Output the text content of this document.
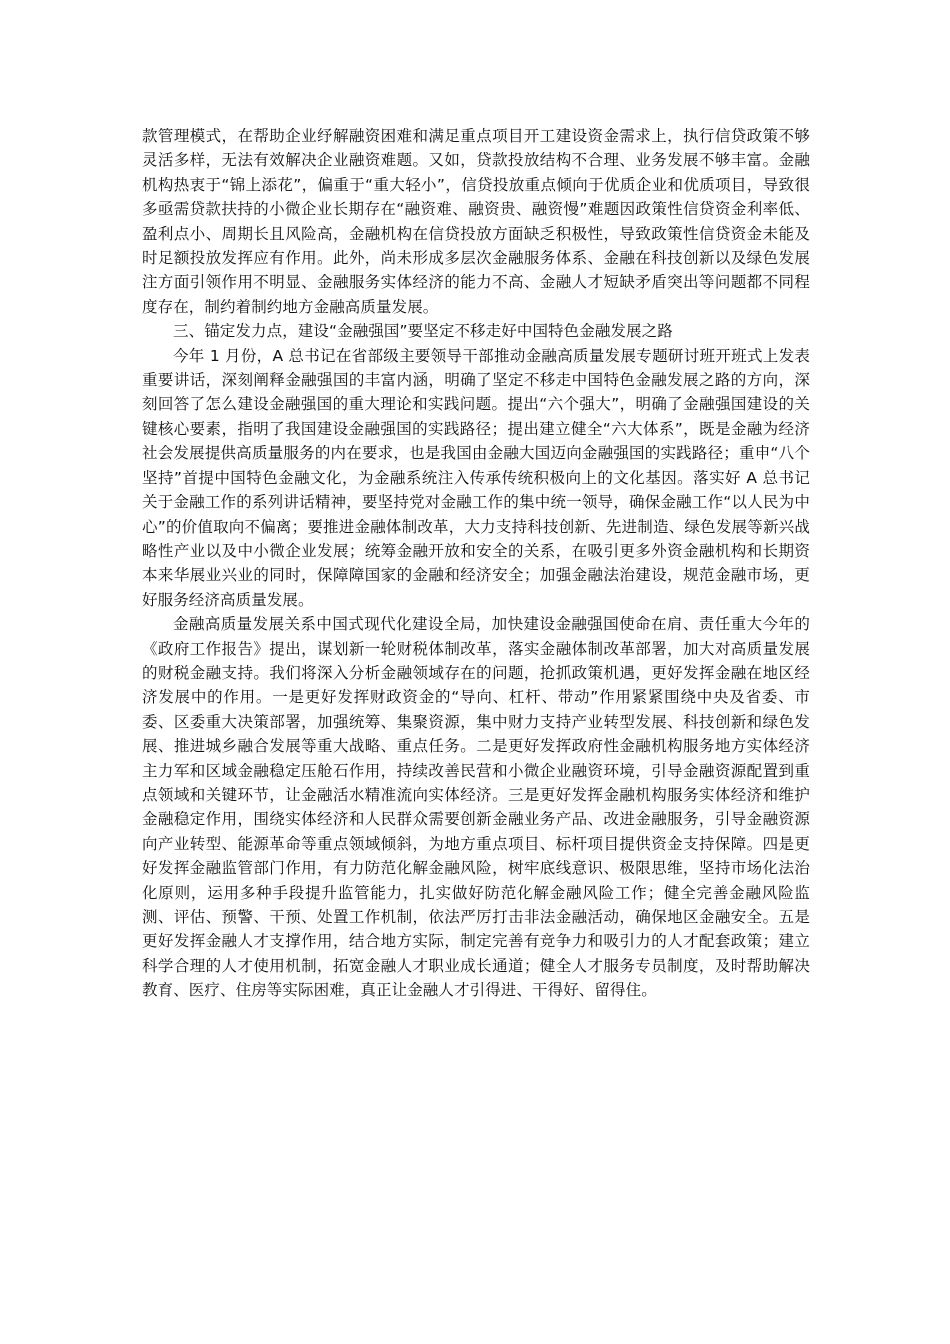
款管理模式，在帮助企业纾解融资困难和满足重点项目开工建设资金需求上，执行信贷政策不够灵活多样，无法有效解决企业融资难题。又如，贷款投放结构不合理、业务发展不够丰富。金融机构热衷于“锦上添花”，偏重于“重大轻小”，信贷投放重点倾向于优质企业和优质项目，导致很多亟需贷款扶持的小微企业长期存在“融资难、融资贵、融资慢”难题因政策性信贷资金利率低、盈利点小、周期长且风险高，金融机构在信贷投放方面缺乏积极性，导致政策性信贷资金未能及时足额投放发挥应有作用。此外，尚未形成多层次金融服务体系、金融在科技创新以及绿色发展注方面引领作用不明显、金融服务实体经济的能力不高、金融人才短缺矛盾突出等问题都不同程度存在，制约着制约地方金融高质量发展。

三、锚定发力点，建设“金融强国”要坚定不移走好中国特色金融发展之路

今年 1 月份，A 总书记在省部级主要领导干部推动金融高质量发展专题研讨班开班式上发表重要讲话，深刻阐释金融强国的丰富内涵，明确了坚定不移走中国特色金融发展之路的方向，深刻回答了怎么建设金融强国的重大理论和实践问题。提出“六个强大”，明确了金融强国建设的关键核心要素，指明了我国建设金融强国的实践路径；提出建立健全“六大体系”，既是金融为经济社会发展提供高质量服务的内在要求，也是我国由金融大国迈向金融强国的实践路径；重申“八个坚持”首提中国特色金融文化，为金融系统注入传承传统积极向上的文化基因。落实好 A 总书记关于金融工作的系列讲话精神，要坚持党对金融工作的集中统一领导，确保金融工作“以人民为中心”的价值取向不偏离；要推进金融体制改革，大力支持科技创新、先进制造、绿色发展等新兴战略性产业以及中小微企业发展；统筹金融开放和安全的关系，在吸引更多外资金融机构和长期资本来华展业兴业的同时，保障障国家的金融和经济安全；加强金融法治建设，规范金融市场，更好服务经济高质量发展。

金融高质量发展关系中国式现代化建设全局，加快建设金融强国使命在肩、责任重大今年的《政府工作报告》提出，谋划新一轮财税体制改革，落实金融体制改革部署，加大对高质量发展的财税金融支持。我们将深入分析金融领域存在的问题，抢抓政策机遇，更好发挥金融在地区经济发展中的作用。一是更好发挥财政资金的“导向、杠杆、带动”作用紧紧围绕中央及省委、市委、区委重大决策部署，加强统筹、集聚资源，集中财力支持产业转型发展、科技创新和绿色发展、推进城乡融合发展等重大战略、重点任务。二是更好发挥政府性金融机构服务地方实体经济主力军和区域金融稳定压舱石作用，持续改善民营和小微企业融资环境，引导金融资源配置到重点领域和关键环节，让金融活水精准流向实体经济。三是更好发挥金融机构服务实体经济和维护金融稳定作用，围绕实体经济和人民群众需要创新金融业务产品、改进金融服务，引导金融资源向产业转型、能源革命等重点领域倾斜，为地方重点项目、标杆项目提供资金支持保障。四是更好发挥金融监管部门作用，有力防范化解金融风险，树牢底线意识、极限思维，坚持市场化法治化原则，运用多种手段提升监管能力，扎实做好防范化解金融风险工作；健全完善金融风险监测、评估、预警、干预、处置工作机制，依法严厉打击非法金融活动，确保地区金融安全。五是更好发挥金融人才支撑作用，结合地方实际，制定完善有竞争力和吸引力的人才配套政策；建立科学合理的人才使用机制，拓宽金融人才职业成长通道；健全人才服务专员制度，及时帮助解决教育、医疗、住房等实际困难，真正让金融人才引得进、干得好、留得住。
